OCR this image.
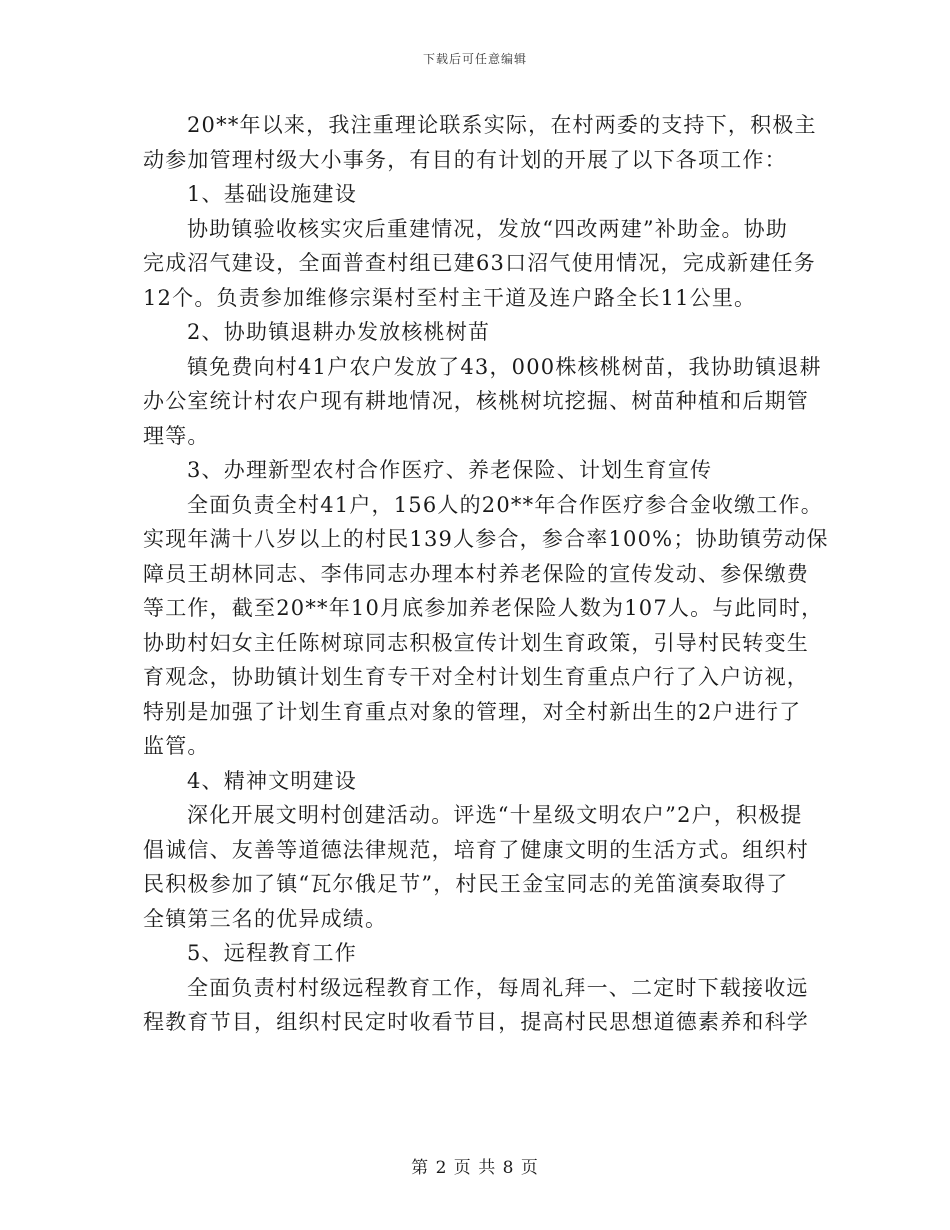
下载后可任意编辑
20**年以来，我注重理论联系实际，在村两委的支持下，积极主
动参加管理村级大小事务，有目的有计划的开展了以下各项工作：
1、基础设施建设
协助镇验收核实灾后重建情况，发放“四改两建”补助金。协助
完成沼气建设，全面普查村组已建63口沼气使用情况，完成新建任务
12个。负责参加维修宗渠村至村主干道及连户路全长11公里。
2、协助镇退耕办发放核桃树苗
镇免费向村41户农户发放了43，000株核桃树苗，我协助镇退耕
办公室统计村农户现有耕地情况，核桃树坑挖掘、树苗种植和后期管
理等。
3、办理新型农村合作医疗、养老保险、计划生育宣传
全面负责全村41户，156人的20**年合作医疗参合金收缴工作。
实现年满十八岁以上的村民139人参合，参合率100%；协助镇劳动保
障员王胡林同志、李伟同志办理本村养老保险的宣传发动、参保缴费
等工作，截至20**年10月底参加养老保险人数为107人。与此同时，
协助村妇女主任陈树琼同志积极宣传计划生育政策，引导村民转变生
育观念，协助镇计划生育专干对全村计划生育重点户行了入户访视，
特别是加强了计划生育重点对象的管理，对全村新出生的2户进行了
监管。
4、精神文明建设
深化开展文明村创建活动。评选“十星级文明农户”2户，积极提
倡诚信、友善等道德法律规范，培育了健康文明的生活方式。组织村
民积极参加了镇“瓦尔俄足节”，村民王金宝同志的羌笛演奏取得了
全镇第三名的优异成绩。
5、远程教育工作
全面负责村村级远程教育工作，每周礼拜一、二定时下载接收远
程教育节目，组织村民定时收看节目，提高村民思想道德素养和科学
第 2 页 共 8 页
